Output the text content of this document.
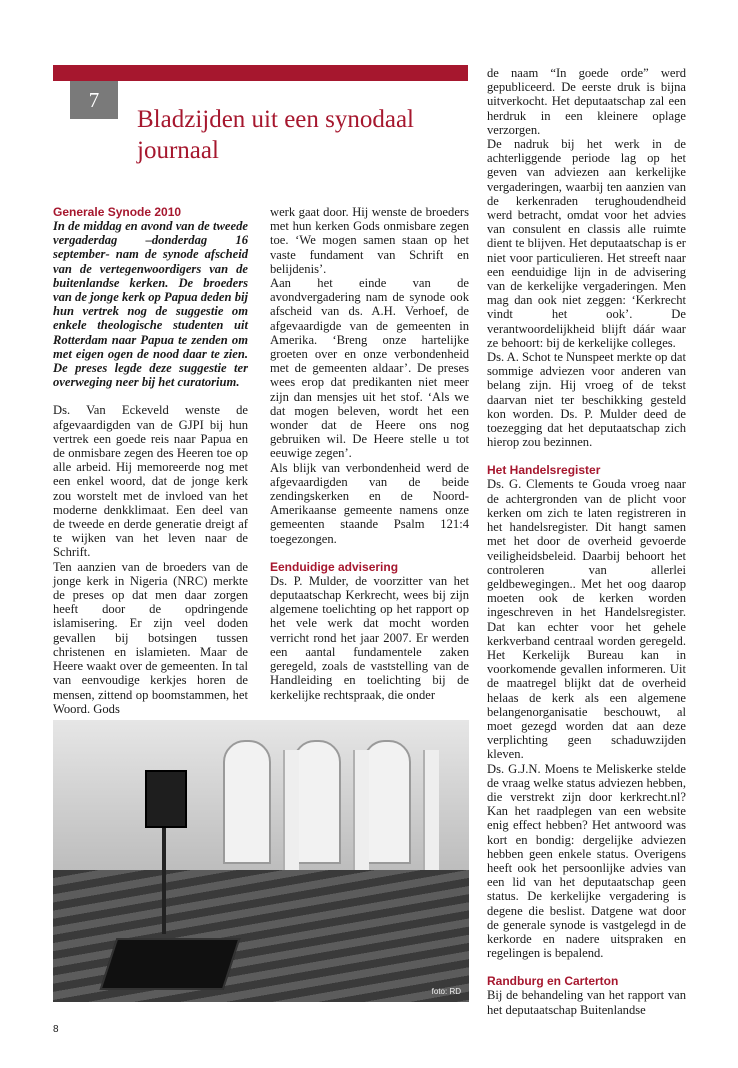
7
Bladzijden uit een synodaal
journaal

Generale Synode 2010

In de middag en avond van de tweede vergaderdag –donderdag 16 september- nam de synode afscheid van de vertegenwoordigers van de buitenlandse kerken. De broeders van de jonge kerk op Papua deden bij hun vertrek nog de suggestie om enkele theologische studenten uit Rotterdam naar Papua te zenden om met eigen ogen de nood daar te zien. De preses legde deze suggestie ter overweging neer bij het curatorium.

Ds. Van Eckeveld wenste de afgevaardigden van de GJPI bij hun vertrek een goede reis naar Papua en de onmisbare zegen des Heeren toe op alle arbeid. Hij memoreerde nog met een enkel woord, dat de jonge kerk zou worstelt met de invloed van het moderne denkklimaat. Een deel van de tweede en derde generatie dreigt af te wijken van het leven naar de Schrift.

Ten aanzien van de broeders van de jonge kerk in Nigeria (NRC) merkte de preses op dat men daar zorgen heeft door de opdringende islamisering. Er zijn veel doden gevallen bij botsingen tussen christenen en islamieten. Maar de Heere waakt over de gemeenten. In tal van eenvoudige kerkjes horen de mensen, zittend op boomstammen, het Woord. Gods

werk gaat door. Hij wenste de broeders met hun kerken Gods onmisbare zegen toe. ‘We mogen samen staan op het vaste fundament van Schrift en belijdenis’.

Aan het einde van de avondvergadering nam de synode ook afscheid van ds. A.H. Verhoef, de afgevaardigde van de gemeenten in Amerika. ‘Breng onze hartelijke groeten over en onze verbondenheid met de gemeenten aldaar’. De preses wees erop dat predikanten niet meer zijn dan mensjes uit het stof. ‘Als we dat mogen beleven, wordt het een wonder dat de Heere ons nog gebruiken wil. De Heere stelle u tot eeuwige zegen’.

Als blijk van verbondenheid werd de afgevaardigden van de beide zendingskerken en de Noord-Amerikaanse gemeente namens onze gemeenten staande Psalm 121:4 toegezongen.

Eenduidige advisering

Ds. P. Mulder, de voorzitter van het deputaatschap Kerkrecht, wees bij zijn algemene toelichting op het rapport op het vele werk dat mocht worden verricht rond het jaar 2007. Er werden een aantal fundamentele zaken geregeld, zoals de vaststelling van de Handleiding en toelichting bij de kerkelijke rechtspraak, die onder

de naam “In goede orde” werd gepubliceerd. De eerste druk is bijna uitverkocht. Het deputaatschap zal een herdruk in een kleinere oplage verzorgen.

De nadruk bij het werk in de achterliggende periode lag op het geven van adviezen aan kerkelijke vergaderingen, waarbij ten aanzien van de kerkenraden terughoudendheid werd betracht, omdat voor het advies van consulent en classis alle ruimte dient te blijven. Het deputaatschap is er niet voor particulieren. Het streeft naar een eenduidige lijn in de advisering van de kerkelijke vergaderingen. Men mag dan ook niet zeggen: ‘Kerkrecht vindt het ook’. De verantwoordelijkheid blijft dáár waar ze behoort: bij de kerkelijke colleges.

Ds. A. Schot te Nunspeet merkte op dat sommige adviezen voor anderen van belang zijn. Hij vroeg of de tekst daarvan niet ter beschikking gesteld kon worden. Ds. P. Mulder deed de toezegging dat het deputaatschap zich hierop zou bezinnen.

Het Handelsregister

Ds. G. Clements te Gouda vroeg naar de achtergronden van de plicht voor kerken om zich te laten registreren in het handelsregister. Dit hangt samen met het door de overheid gevoerde veiligheidsbeleid. Daarbij behoort het controleren van allerlei geldbewegingen.. Met het oog daarop moeten ook de kerken worden ingeschreven in het Handelsregister. Dat kan echter voor het gehele kerkverband centraal worden geregeld. Het Kerkelijk Bureau kan in voorkomende gevallen informeren. Uit de maatregel blijkt dat de overheid helaas de kerk als een algemene belangenorganisatie beschouwt, al moet gezegd worden dat aan deze verplichting geen schaduwzijden kleven.

Ds. G.J.N. Moens te Meliskerke stelde de vraag welke status adviezen hebben, die verstrekt zijn door kerkrecht.nl? Kan het raadplegen van een website enig effect hebben? Het antwoord was kort en bondig: dergelijke adviezen hebben geen enkele status. Overigens heeft ook het persoonlijke advies van een lid van het deputaatschap geen status. De kerkelijke vergadering is degene die beslist. Datgene wat door de generale synode is vastgelegd in de kerkorde en nadere uitspraken en regelingen is bepalend.

Randburg en Carterton

Bij de behandeling van het rapport van het deputaatschap Buitenlandse

foto: RD
8
